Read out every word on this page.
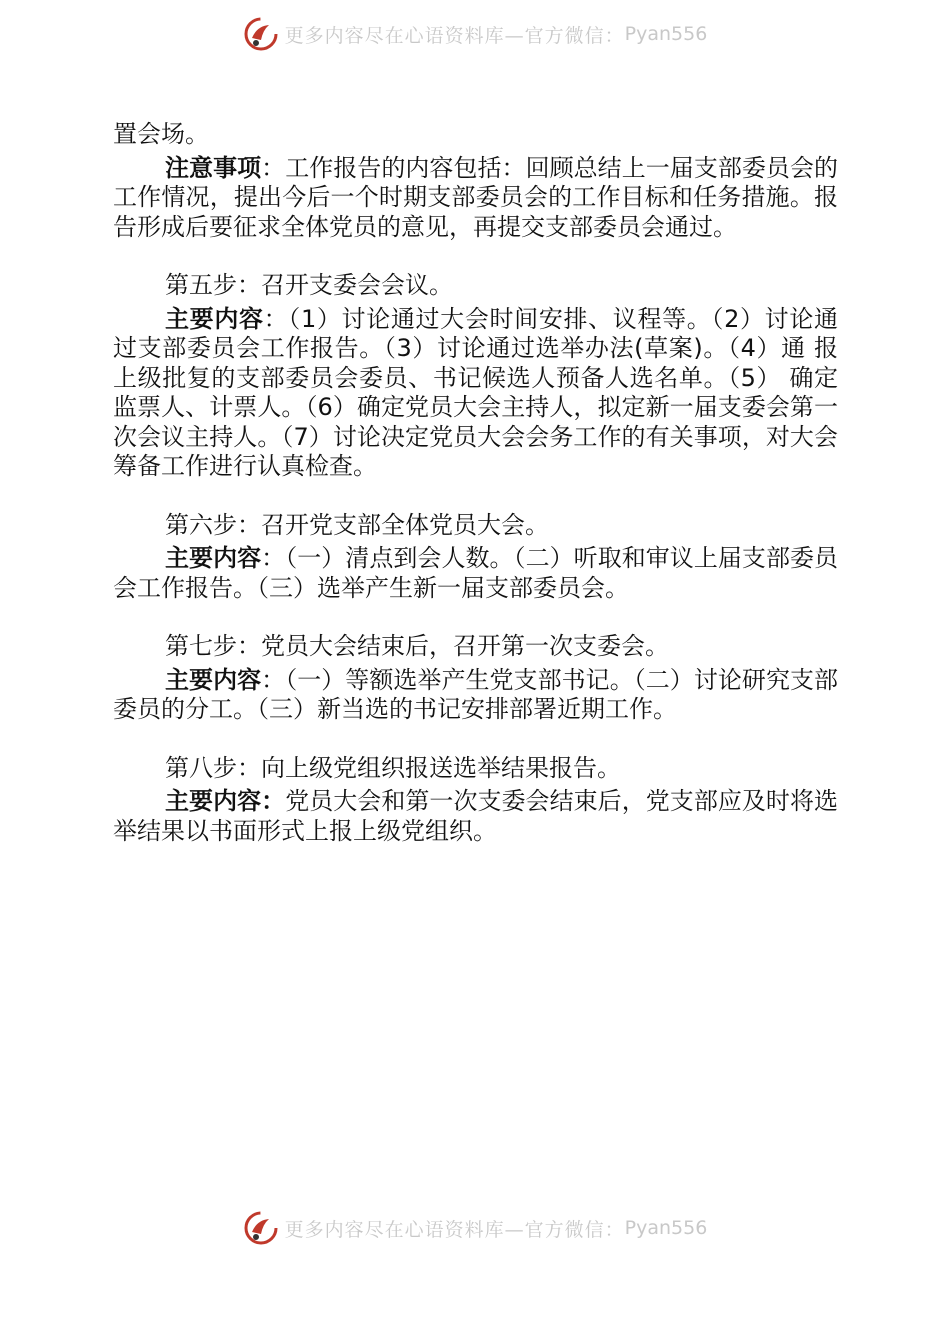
更多内容尽在心语资料库—官方微信： Pyan556

置会场。

注意事项：工作报告的内容包括：回顾总结上一届支部委员会的工作情况，提出今后一个时期支部委员会的工作目标和任务措施。报告形成后要征求全体党员的意见，再提交支部委员会通过。

第五步：召开支委会会议。

主要内容：（1）讨论通过大会时间安排、议程等。（2）讨论通过支部委员会工作报告。（3）讨论通过选举办法(草案)。（4）通 报上级批复的支部委员会委员、书记候选人预备人选名单。（5） 确定监票人、计票人。（6）确定党员大会主持人，拟定新一届支委会第一次会议主持人。（7）讨论决定党员大会会务工作的有关事项，对大会筹备工作进行认真检查。

第六步：召开党支部全体党员大会。

主要内容：（一）清点到会人数。（二）听取和审议上届支部委员会工作报告。（三）选举产生新一届支部委员会。

第七步：党员大会结束后，召开第一次支委会。

主要内容：（一）等额选举产生党支部书记。（二）讨论研究支部委员的分工。（三）新当选的书记安排部署近期工作。

第八步：向上级党组织报送选举结果报告。

主要内容：党员大会和第一次支委会结束后，党支部应及时将选举结果以书面形式上报上级党组织。

更多内容尽在心语资料库—官方微信： Pyan556
